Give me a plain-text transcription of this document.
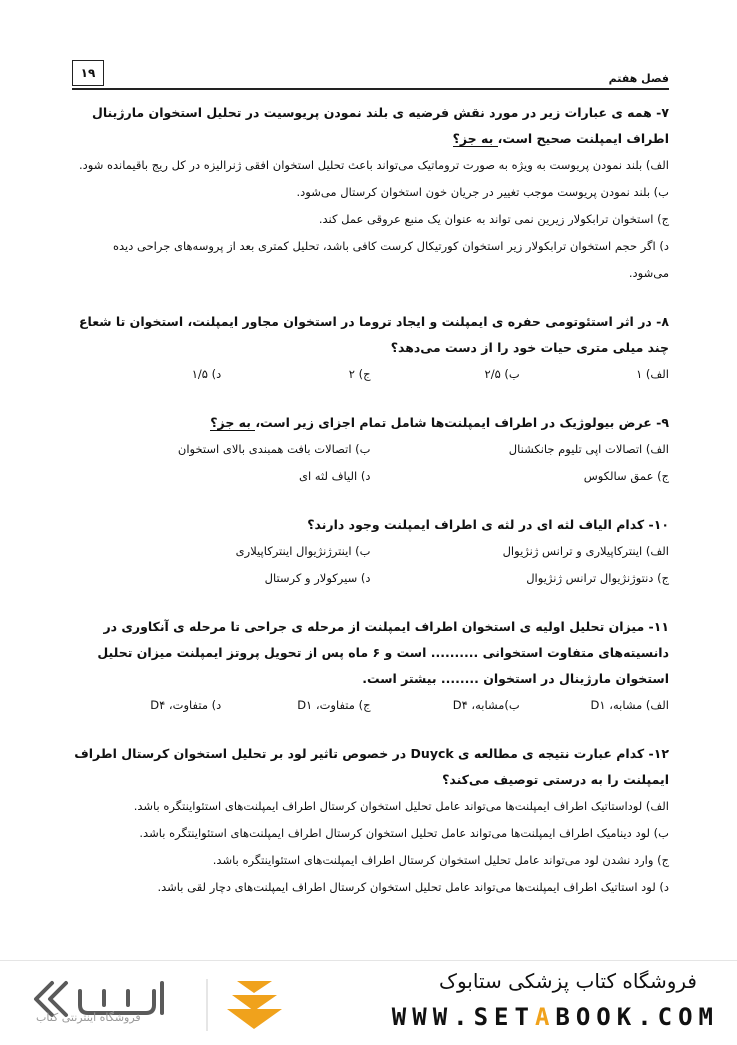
١٩	فصل هفتم

۷- همه ی عبارات زیر در مورد نقش فرضیه ی بلند نمودن پریوسیت در تحلیل استخوان مارژینال اطراف ایمپلنت صحیح است، به جز؟

الف) بلند نمودن پریوست به ویژه به صورت تروماتیک می‌تواند باعث تحلیل استخوان افقی ژنرالیزه در کل ریج باقیمانده شود.

ب) بلند نمودن پریوست موجب تغییر در جریان خون استخوان کرستال می‌شود.

ج) استخوان ترابکولار زیرین نمی تواند به عنوان یک منبع عروقی عمل کند.

د) اگر حجم استخوان ترابکولار زیر استخوان کورتیکال کرست کافی باشد، تحلیل کمتری بعد از پروسه‌های جراحی دیده می‌شود.

۸- در اثر استئوتومی حفره ی ایمپلنت و ایجاد تروما در استخوان مجاور ایمپلنت، استخوان تا شعاع چند میلی متری حیات خود را از دست می‌دهد؟

الف) ۱
ب) ۲/۵
ج) ۲
د) ۱/۵

۹- عرض بیولوژیک در اطراف ایمپلنت‌ها شامل تمام اجزای زیر است، به جز؟

الف) اتصالات اپی تلیوم جانکشنال
ب) اتصالات بافت همبندی بالای استخوان
ج) عمق سالکوس
د) الیاف لثه ای

۱۰- کدام الیاف لثه ای در لثه ی اطراف ایمپلنت وجود دارند؟

الف) اینترکاپیلاری و ترانس ژنژیوال
ب) اینترژنژیوال اینترکاپیلاری
ج) دنتوژنژیوال ترانس ژنژیوال
د) سیرکولار و کرستال

۱۱- میزان تحلیل اولیه ی استخوان اطراف ایمپلنت از مرحله ی جراحی تا مرحله ی آنکاوری در دانسیته‌های متفاوت استخوانی .......... است و ۶ ماه پس از تحویل پروتز ایمپلنت میزان تحلیل استخوان مارژینال در استخوان ........ بیشتر است.

الف) مشابه، D۱
ب)مشابه، D۴
ج) متفاوت، D۱
د) متفاوت، D۴

۱۲- کدام عبارت نتیجه ی مطالعه ی Duyck در خصوص تاثیر لود بر تحلیل استخوان کرستال اطراف ایمپلنت را به درستی توصیف می‌کند؟

الف) لوداستاتیک اطراف ایمپلنت‌ها می‌تواند عامل تحلیل استخوان کرستال اطراف ایمپلنت‌های استئواینتگره باشد.

ب) لود دینامیک اطراف ایمپلنت‌ها می‌تواند عامل تحلیل استخوان کرستال اطراف ایمپلنت‌های استئواینتگره باشد.

ج) وارد نشدن لود می‌تواند عامل تحلیل استخوان کرستال اطراف ایمپلنت‌های استئواینتگره باشد.

د) لود استاتیک اطراف ایمپلنت‌ها می‌تواند عامل تحلیل استخوان کرستال اطراف ایمپلنت‌های دچار لقی باشد.

فروشگاه اینترنتی کتاب
فروشگاه کتاب پزشکی ستابوک
WWW.SETABOOK.COM
